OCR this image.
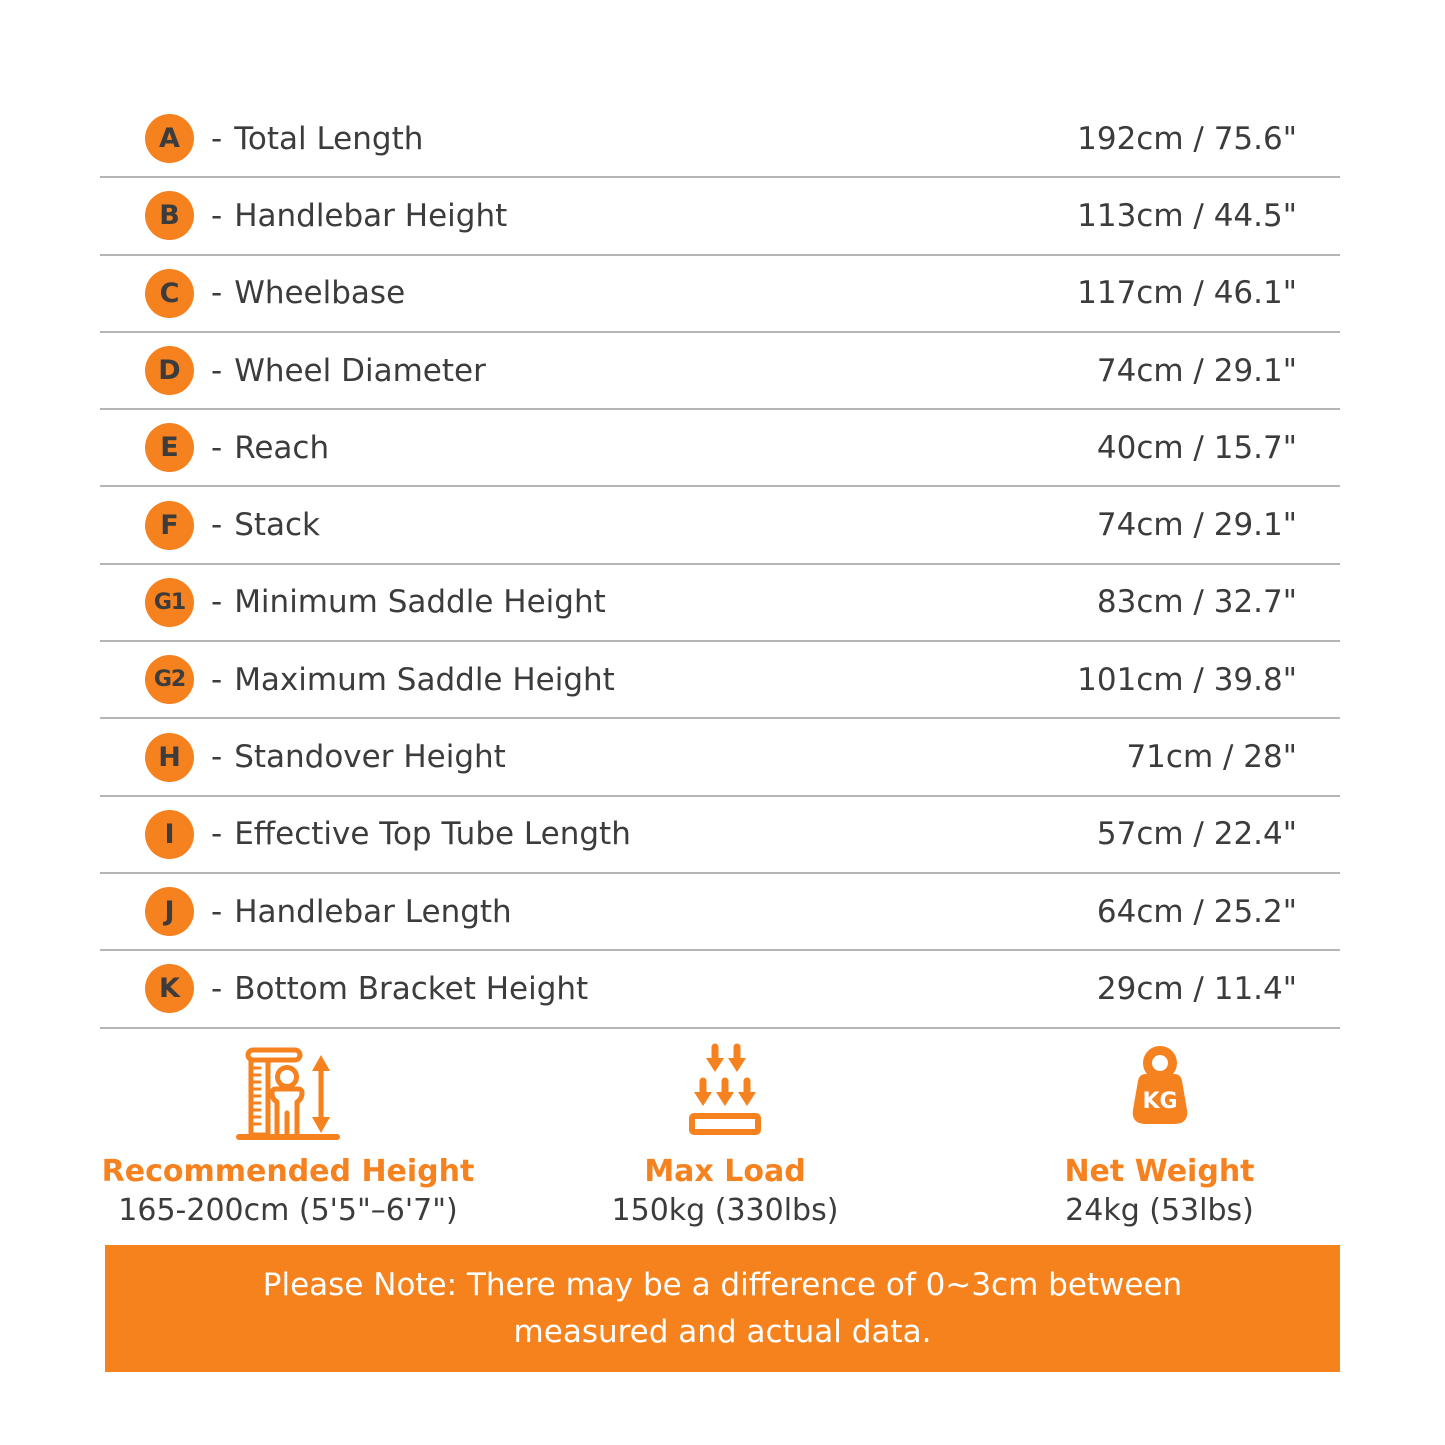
A	- Total Length	192cm / 75.6"
B	- Handlebar Height	113cm / 44.5"
C	- Wheelbase	117cm / 46.1"
D - Wheel Diameter	74cm / 29.1"
E	- Reach	40cm / 15.7"
F	- Stack	74cm / 29.1"
G1 - Minimum Saddle Height	83cm / 32.7"
G2 - Maximum Saddle Height	101cm / 39.8"
H - Standover Height	71cm / 28"
I	- Effective Top Tube Length	57cm / 22.4"
J	- Handlebar Length	64cm / 25.2"
K	- Bottom Bracket Height	29cm / 11.4"
Recommended Height
165-200cm (5'5"–6'7")
Max Load
150kg (330lbs)
KG
Net Weight
24kg (53lbs)
Please Note: There may be a difference of 0~3cm between
measured and actual data.
